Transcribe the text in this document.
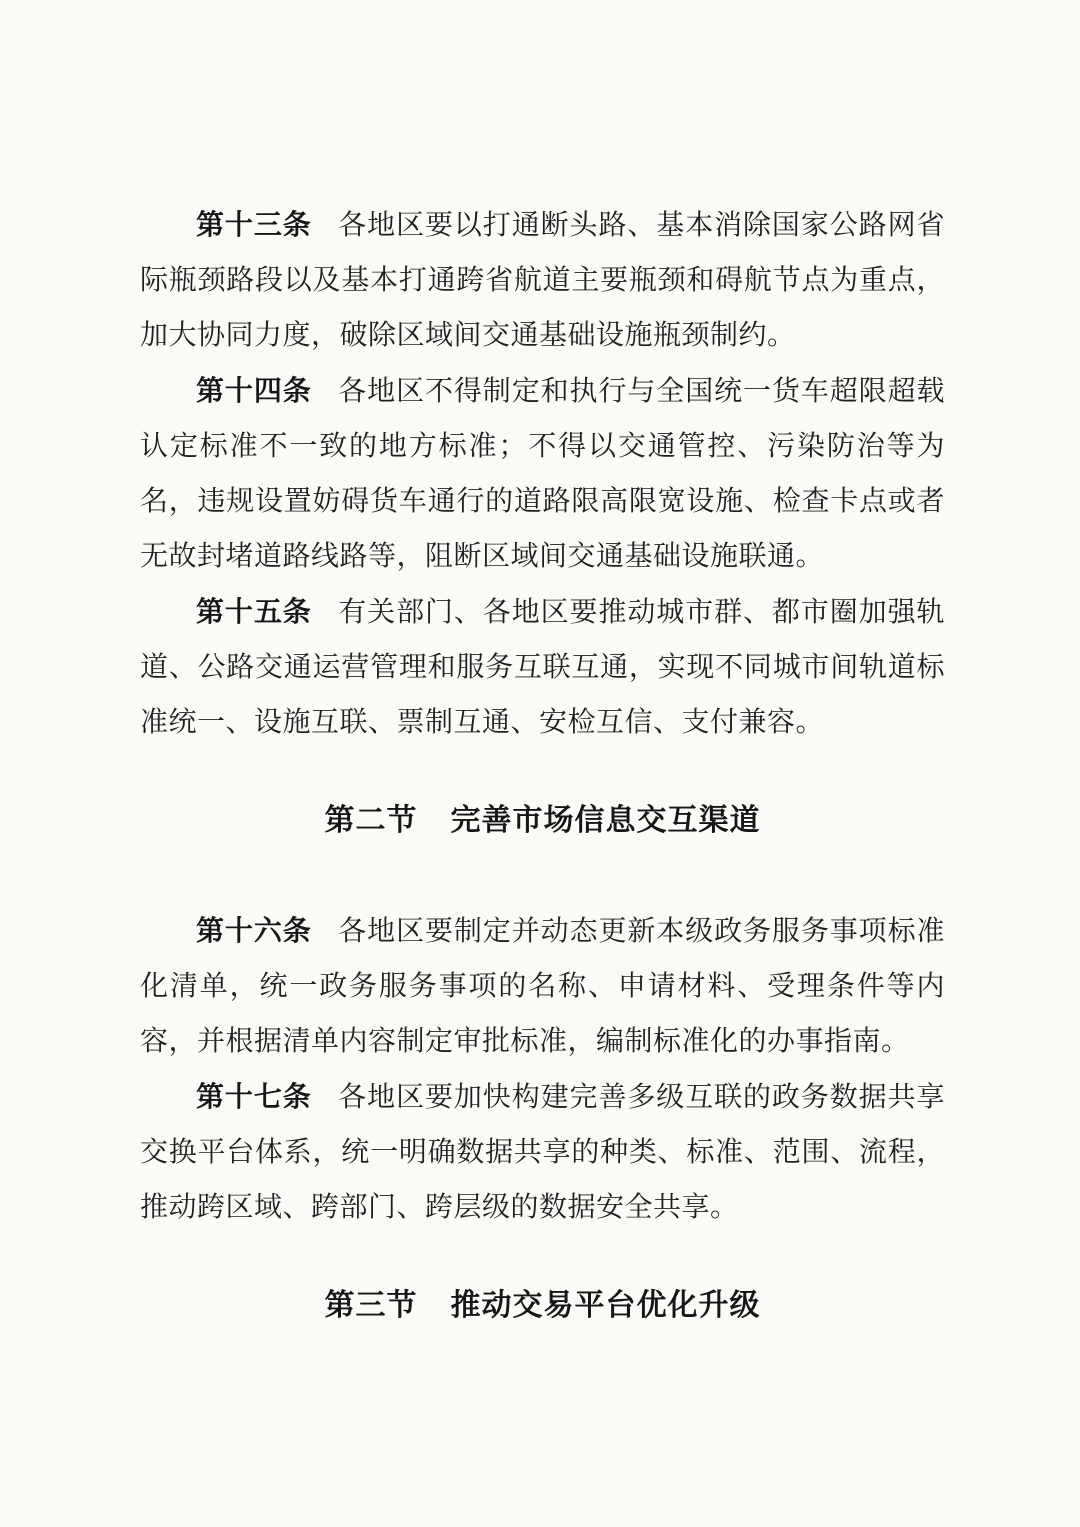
第十三条 各地区要以打通断头路、基本消除国家公路网省际瓶颈路段以及基本打通跨省航道主要瓶颈和碍航节点为重点，加大协同力度，破除区域间交通基础设施瓶颈制约。

第十四条 各地区不得制定和执行与全国统一货车超限超载认定标准不一致的地方标准；不得以交通管控、污染防治等为名，违规设置妨碍货车通行的道路限高限宽设施、检查卡点或者无故封堵道路线路等，阻断区域间交通基础设施联通。

第十五条 有关部门、各地区要推动城市群、都市圈加强轨道、公路交通运营管理和服务互联互通，实现不同城市间轨道标准统一、设施互联、票制互通、安检互信、支付兼容。

第二节 完善市场信息交互渠道

第十六条 各地区要制定并动态更新本级政务服务事项标准化清单，统一政务服务事项的名称、申请材料、受理条件等内容，并根据清单内容制定审批标准，编制标准化的办事指南。

第十七条 各地区要加快构建完善多级互联的政务数据共享交换平台体系，统一明确数据共享的种类、标准、范围、流程，推动跨区域、跨部门、跨层级的数据安全共享。

第三节 推动交易平台优化升级
